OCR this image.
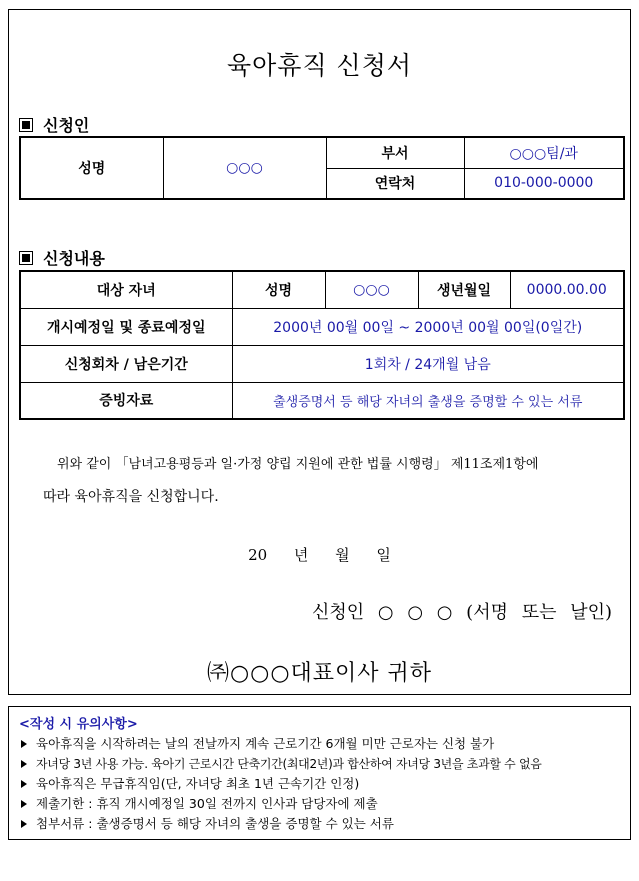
육아휴직 신청서
신청인
성명	○○○	부서	○○○팀/과
		연락처	010-000-0000
신청내용
대상 자녀	성명	○○○	생년월일	0000.00.00
개시예정일 및 종료예정일	2000년 00월 00일 ~ 2000년 00월 00일(0일간)			
신청회차 / 남은기간	1회차 / 24개월 남음			
증빙자료	출생증명서 등 해당 자녀의 출생을 증명할 수 있는 서류			
위와 같이 「남녀고용평등과 일·가정 양립 지원에 관한 법률 시행령」 제11조제1항에
따라 육아휴직을 신청합니다.
20 년 월 일
신청인 ○ ○ ○ (서명 또는 날인)
㈜○○○대표이사 귀하
<작성 시 유의사항>
육아휴직을 시작하려는 날의 전날까지 계속 근로기간 6개월 미만 근로자는 신청 불가
자녀당 3년 사용 가능. 육아기 근로시간 단축기간(최대2년)과 합산하여 자녀당 3년을 초과할 수 없음
육아휴직은 무급휴직임(단, 자녀당 최초 1년 근속기간 인정)
제출기한 : 휴직 개시예정일 30일 전까지 인사과 담당자에 제출
첨부서류 : 출생증명서 등 해당 자녀의 출생을 증명할 수 있는 서류
